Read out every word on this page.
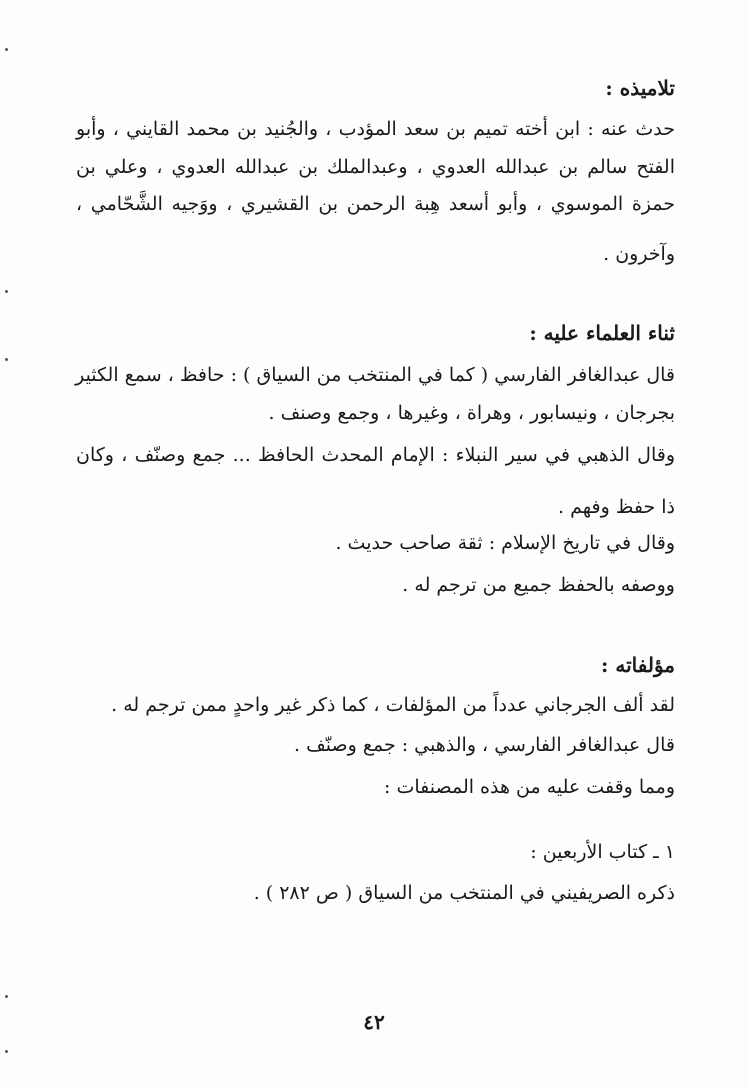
تلاميذه :
حدث عنه : ابن أخته تميم بن سعد المؤدب ، والجُنيد بن محمد القايني ، وأبو
الفتح سالم بن عبدالله العدوي ، وعبدالملك بن عبدالله العدوي ، وعلي بن
حمزة الموسوي ، وأبو أسعد هِبة الرحمن بن القشيري ، ووَجيه الشَّحّامي ،
وآخرون .
ثناء العلماء عليه :
قال عبدالغافر الفارسي ( كما في المنتخب من السياق ) : حافظ ، سمع الكثير
بجرجان ، ونيسابور ، وهراة ، وغيرها ، وجمع وصنف .
وقال الذهبي في سير النبلاء : الإمام المحدث الحافظ ... جمع وصنّف ، وكان
ذا حفظ وفهم .
وقال في تاريخ الإسلام : ثقة صاحب حديث .
ووصفه بالحفظ جميع من ترجم له .
مؤلفاته :
لقد ألف الجرجاني عدداً من المؤلفات ، كما ذكر غير واحدٍ ممن ترجم له .
قال عبدالغافر الفارسي ، والذهبي : جمع وصنّف .
ومما وقفت عليه من هذه المصنفات :
١ ـ كتاب الأربعين :
ذكره الصريفيني في المنتخب من السياق ( ص ٢٨٢ ) .
٤٢
